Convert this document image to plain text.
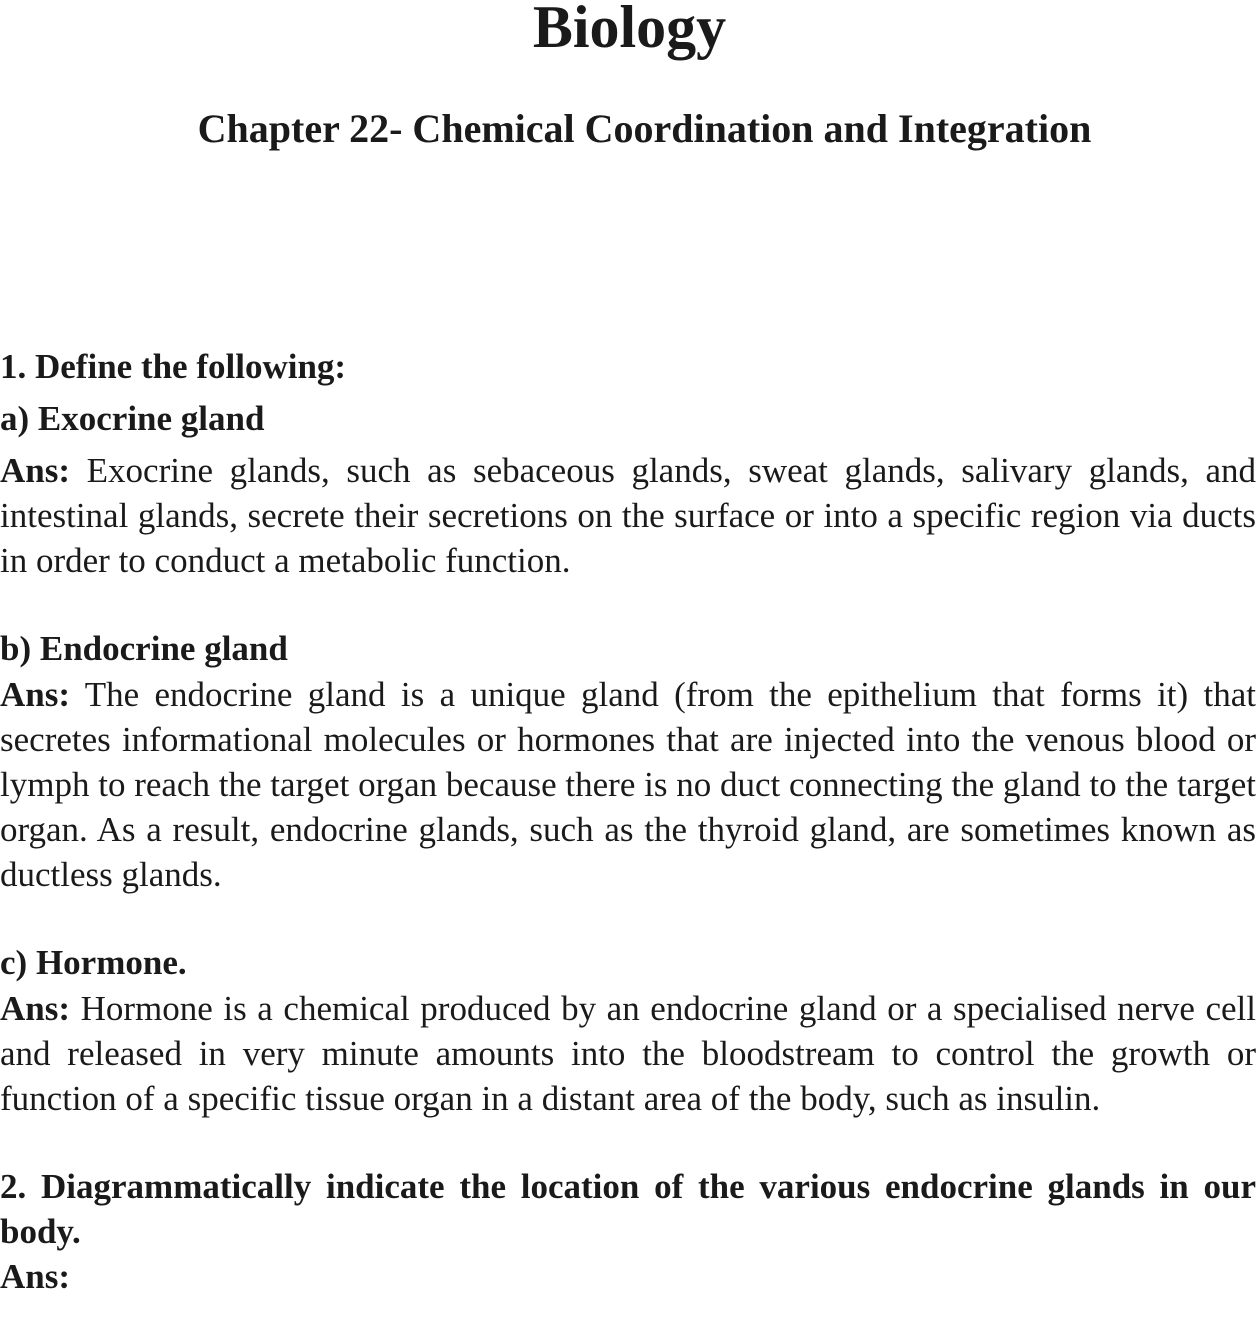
Biology
Chapter 22- Chemical Coordination and Integration

1. Define the following:

a) Exocrine gland

Ans: Exocrine glands, such as sebaceous glands, sweat glands, salivary glands, and intestinal glands, secrete their secretions on the surface or into a specific region via ducts in order to conduct a metabolic function.

b) Endocrine gland

Ans: The endocrine gland is a unique gland (from the epithelium that forms it) that secretes informational molecules or hormones that are injected into the venous blood or lymph to reach the target organ because there is no duct connecting the gland to the target organ. As a result, endocrine glands, such as the thyroid gland, are sometimes known as ductless glands.

c) Hormone.

Ans: Hormone is a chemical produced by an endocrine gland or a specialised nerve cell and released in very minute amounts into the bloodstream to control the growth or function of a specific tissue organ in a distant area of the body, such as insulin.

2. Diagrammatically indicate the location of the various endocrine glands in our body.

Ans:
